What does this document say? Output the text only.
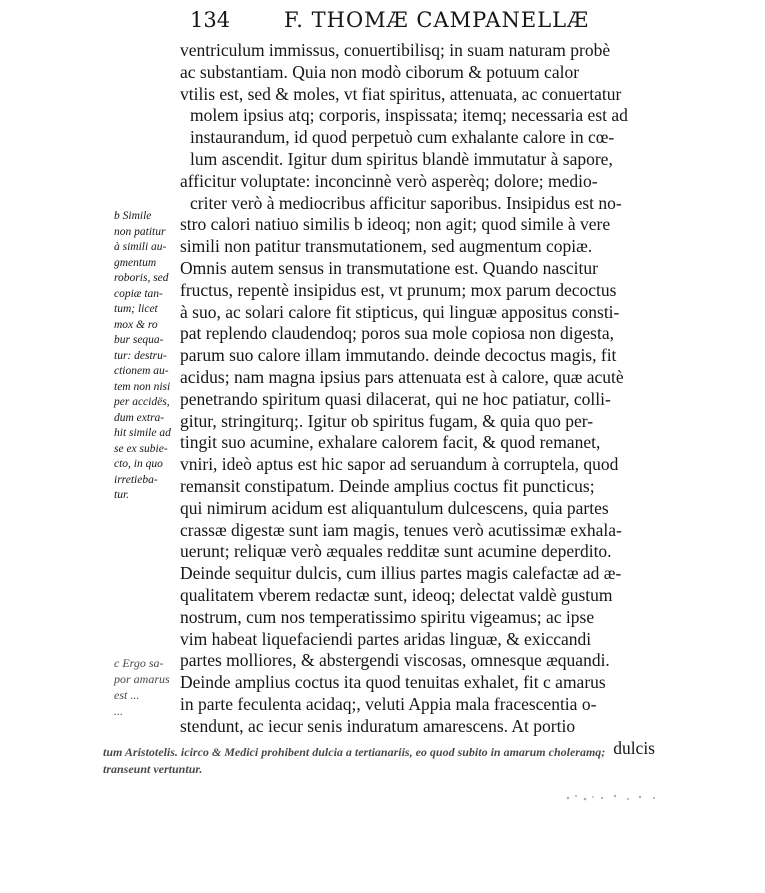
134	F. THOMÆ CAMPANELLÆ
ventriculum immissus, conuertibilisq; in suam naturam probè
ac substantiam. Quia non modò ciborum & potuum calor
vtilis est, sed & moles, vt fiat spiritus, attenuata, ac conuertatur
molem ipsius atq; corporis, inspissata; itemq; necessaria est ad
instaurandum, id quod perpetuò cum exhalante calore in cœ-
lum ascendit. Igitur dum spiritus blandè immutatur à sapore,
afficitur voluptate: inconcinnè verò asperèq; dolore; medio-
criter verò à mediocribus afficitur saporibus. Insipidus est no-
stro calori natiuo similis b ideoq; non agit; quod simile à vere
simili non patitur transmutationem, sed augmentum copiæ.
Omnis autem sensus in transmutatione est. Quando nascitur
fructus, repentè insipidus est, vt prunum; mox parum decoctus
à suo, ac solari calore fit stipticus, qui linguæ appositus consti-
pat replendo claudendoq; poros sua mole copiosa non digesta,
parum suo calore illam immutando. deinde decoctus magis, fit
acidus; nam magna ipsius pars attenuata est à calore, quæ acutè
penetrando spiritum quasi dilacerat, qui ne hoc patiatur, colli-
gitur, stringiturq;. Igitur ob spiritus fugam, & quia quo per-
tingit suo acumine, exhalare calorem facit, & quod remanet,
vniri, ideò aptus est hic sapor ad seruandum à corruptela, quod
remansit constipatum. Deinde amplius coctus fit puncticus;
qui nimirum acidum est aliquantulum dulcescens, quia partes
crassæ digestæ sunt iam magis, tenues verò acutissimæ exhala-
uerunt; reliquæ verò æquales redditæ sunt acumine deperdito.
Deinde sequitur dulcis, cum illius partes magis calefactæ ad æ-
qualitatem vberem redactæ sunt, ideoq; delectat valdè gustum
nostrum, cum nos temperatissimo spiritu vigeamus; ac ipse
vim habeat liquefaciendi partes aridas linguæ, & exiccandi
partes molliores, & abstergendi viscosas, omnesque æquandi.
Deinde amplius coctus ita quod tenuitas exhalet, fit c amarus
in parte feculenta acidaq;, veluti Appia mala fracescentia o-
stendunt, ac iecur senis induratum amarescens. At portio
dulcis
b Simile
non patitur
à simili au-
gmentum
roboris, sed
copiæ tan-
tum; licet
mox & ro
bur sequa-
tur: destru-
ctionem au-
tem non nisi
per accidës,
dum extra-
hit simile ad
se ex subie-
cto, in quo
irretieba-
tur.
c Ergo sa-
por amarus
est ...
...
tum Aristotelis. icirco & Medici prohibent dulcia a tertianariis, eo quod subito in amarum choleramq;
transeunt vertuntur.
